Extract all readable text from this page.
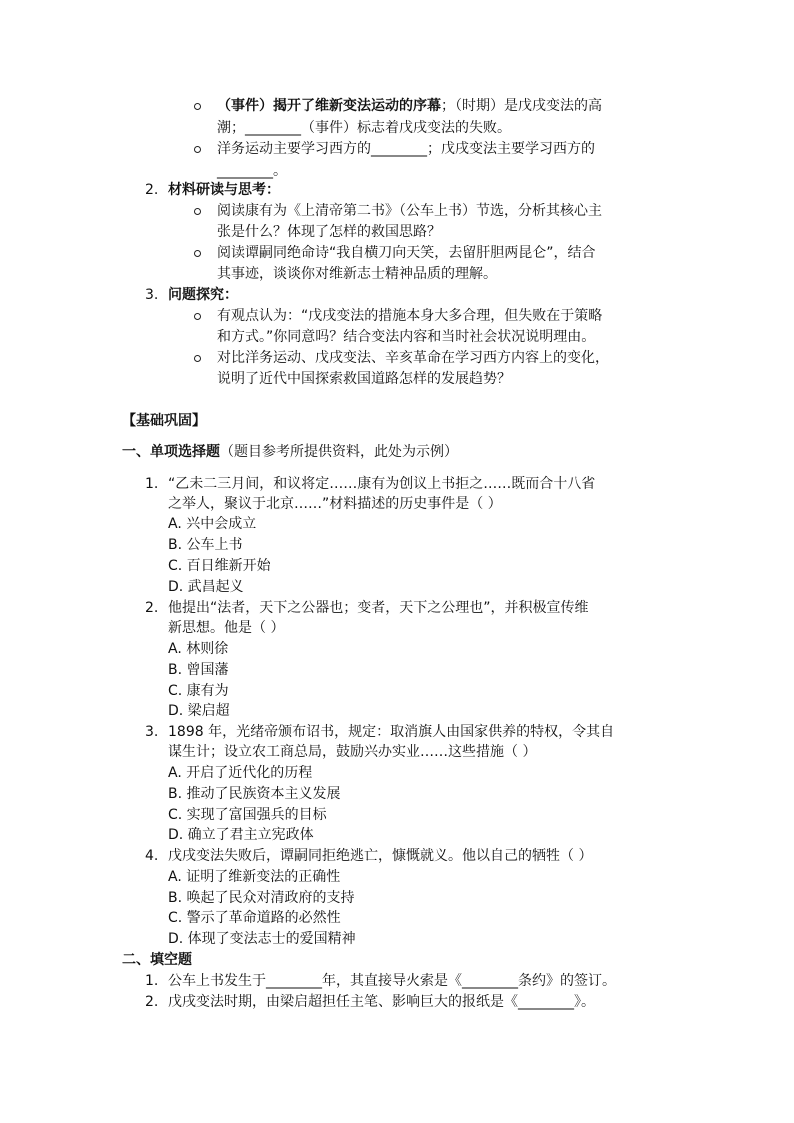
（事件）揭开了维新变法运动的序幕；（时期）是戊戌变法的高
潮；________（事件）标志着戊戌变法的失败。
洋务运动主要学习西方的________；戊戌变法主要学习西方的
________。
2. 材料研读与思考：
阅读康有为《上清帝第二书》（公车上书）节选，分析其核心主
张是什么？体现了怎样的救国思路？
阅读谭嗣同绝命诗“我自横刀向天笑，去留肝胆两昆仑”，结合
其事迹，谈谈你对维新志士精神品质的理解。
3. 问题探究：
有观点认为：“戊戌变法的措施本身大多合理，但失败在于策略
和方式。”你同意吗？结合变法内容和当时社会状况说明理由。
对比洋务运动、戊戌变法、辛亥革命在学习西方内容上的变化，
说明了近代中国探索救国道路怎样的发展趋势？
【基础巩固】
一、单项选择题（题目参考所提供资料，此处为示例）
1. “乙未二三月间，和议将定……康有为创议上书拒之……既而合十八省
之举人，聚议于北京……”材料描述的历史事件是（ ）
A. 兴中会成立
B. 公车上书
C. 百日维新开始
D. 武昌起义
2. 他提出“法者，天下之公器也；变者，天下之公理也”，并积极宣传维
新思想。他是（ ）
A. 林则徐
B. 曾国藩
C. 康有为
D. 梁启超
3. 1898 年，光绪帝颁布诏书，规定：取消旗人由国家供养的特权，令其自
谋生计；设立农工商总局，鼓励兴办实业……这些措施（ ）
A. 开启了近代化的历程
B. 推动了民族资本主义发展
C. 实现了富国强兵的目标
D. 确立了君主立宪政体
4. 戊戌变法失败后，谭嗣同拒绝逃亡，慷慨就义。他以自己的牺牲（ ）
A. 证明了维新变法的正确性
B. 唤起了民众对清政府的支持
C. 警示了革命道路的必然性
D. 体现了变法志士的爱国精神
二、填空题
1. 公车上书发生于________年，其直接导火索是《________条约》的签订。
2. 戊戌变法时期，由梁启超担任主笔、影响巨大的报纸是《________》。
